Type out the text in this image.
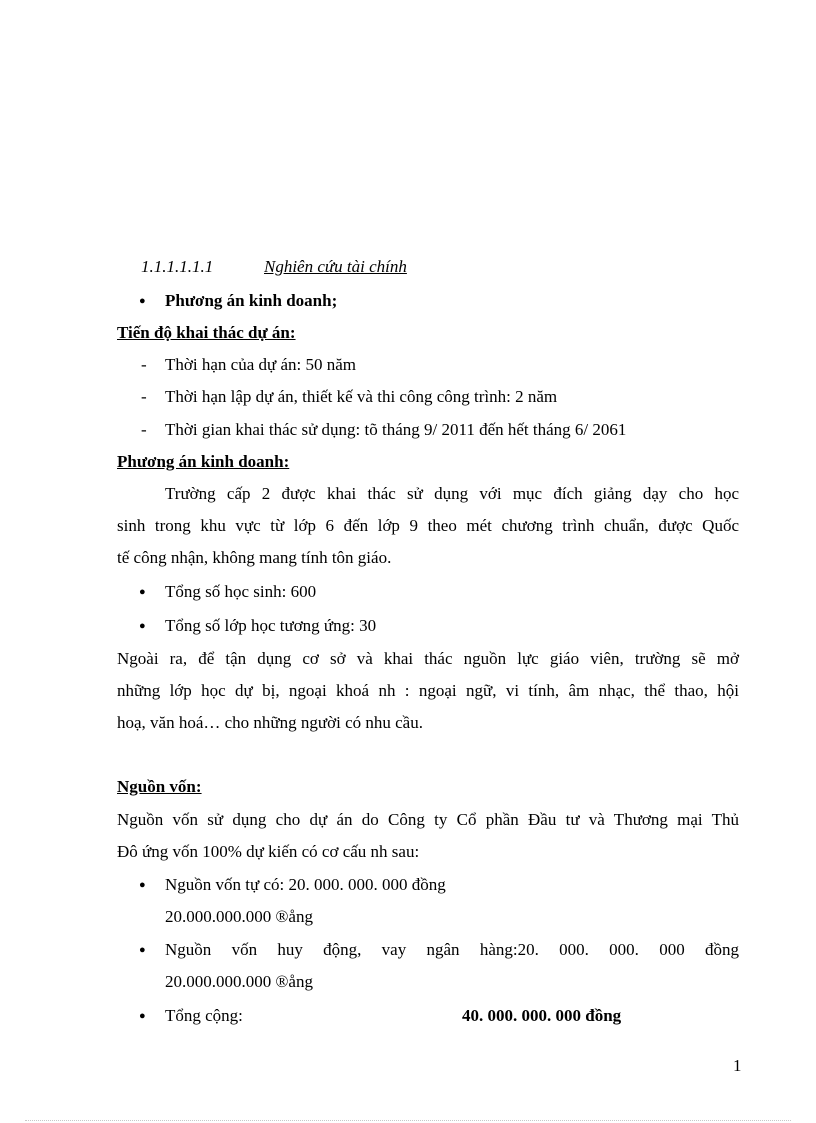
1.1.1.1.1.1	Nghiên cứu tài chính
●
Phương án kinh doanh;
Tiến độ khai thác dự án:
- Thời hạn của dự án: 50 năm
- Thời hạn lập dự án, thiết kế và thi công công trình: 2 năm
- Thời gian khai thác sử dụng: tõ tháng 9/ 2011 đến hết tháng 6/ 2061
Phương án kinh doanh:
Trường cấp 2 được khai thác sử dụng với mục đích giảng dạy cho học
sinh trong khu vực từ lớp 6 đến lớp 9 theo mét chương trình chuẩn, được Quốc
tế công nhận, không mang tính tôn giáo.
●
Tổng số học sinh: 600
●
Tổng số lớp học tương ứng: 30
Ngoài ra, để tận dụng cơ sở và khai thác nguồn lực giáo viên, trường sẽ mở
những lớp học dự bị, ngoại khoá nh : ngoại ngữ, vi tính, âm nhạc, thể thao, hội
hoạ, văn hoá… cho những người có nhu cầu.
Nguồn vốn:
Nguồn vốn sử dụng cho dự án do Công ty Cổ phần Đầu tư và Thương mại Thủ
Đô ứng vốn 100% dự kiến có cơ cấu nh sau:
●
Nguồn vốn tự có: 20. 000. 000. 000 đồng
20.000.000.000 ®ång
●
Nguồn vốn huy động, vay ngân hàng:20. 000. 000. 000 đồng
20.000.000.000 ®ång
●
Tổng cộng:	40. 000. 000. 000 đồng
1
